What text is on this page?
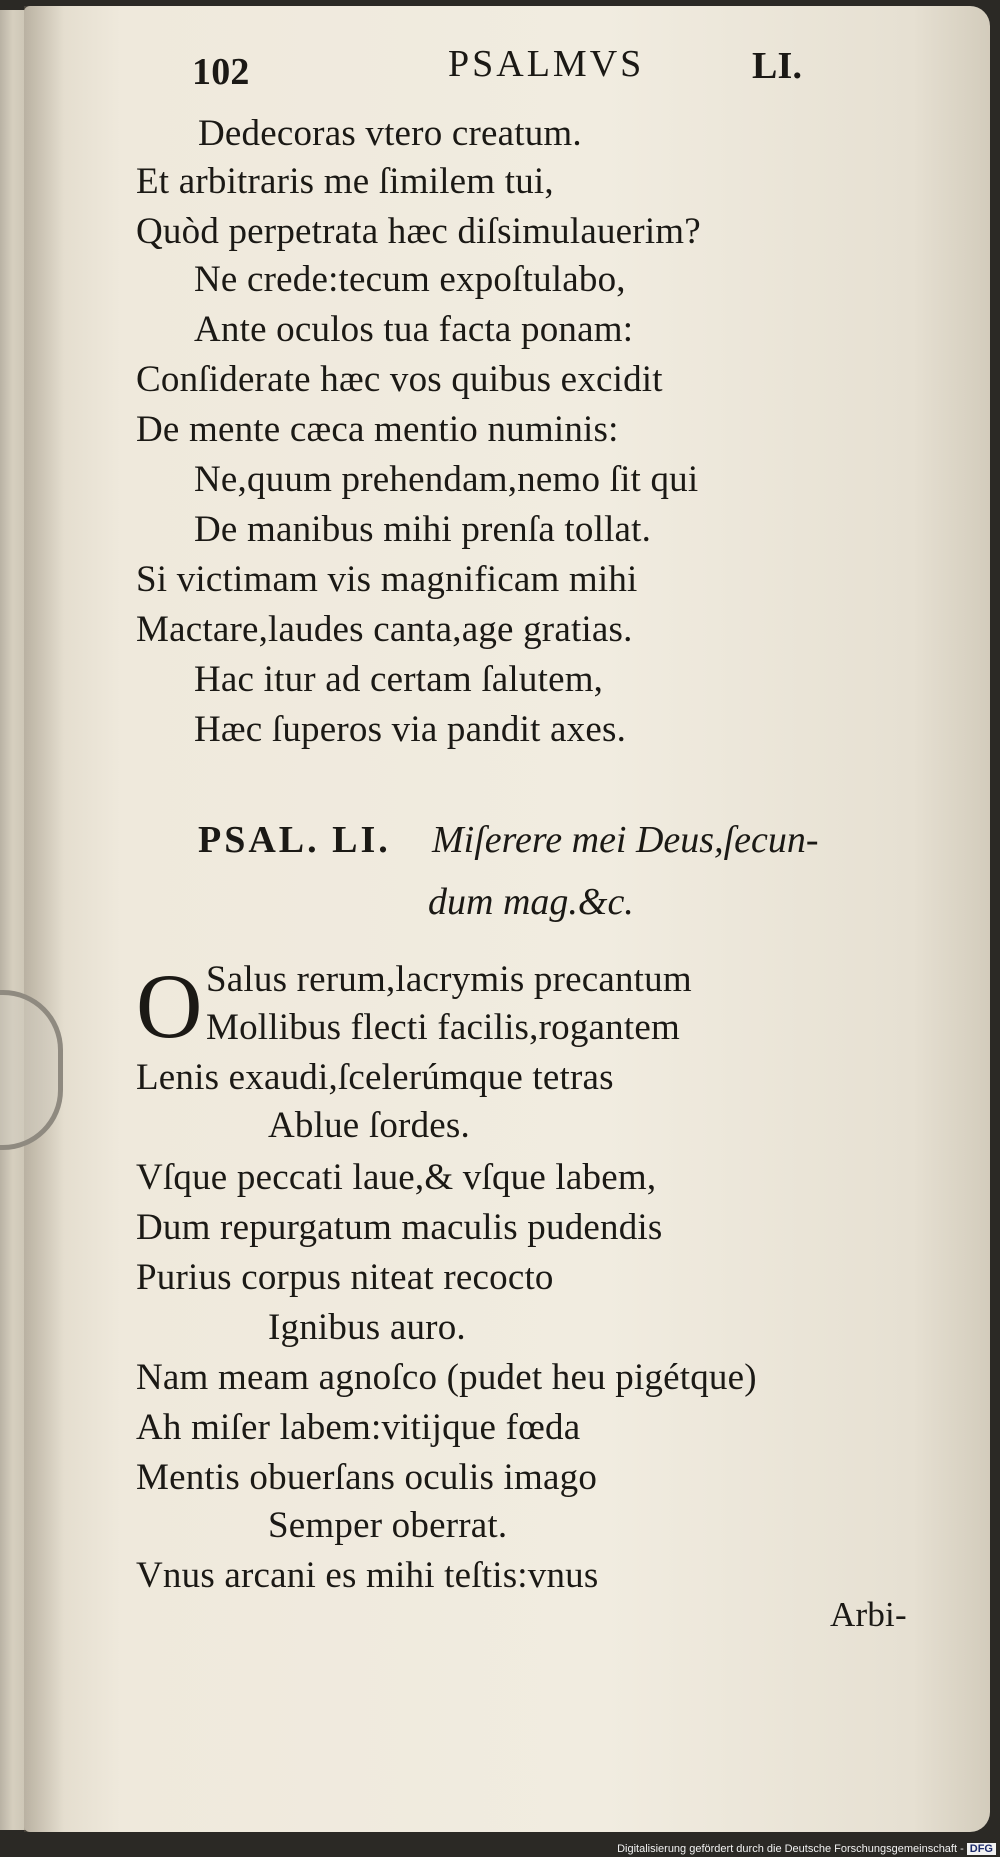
102	PSALMVS	LI.
Dedecoras vtero creatum.
Et arbitraris me ſimilem tui,
Quòd perpetrata hæc diſsimulauerim?
Ne crede:tecum expoſtulabo,
Ante oculos tua facta ponam:
Conſiderate hæc vos quibus excidit
De mente cæca mentio numinis:
Ne,quum prehendam,nemo ſit qui
De manibus mihi prenſa tollat.
Si victimam vis magnificam mihi
Mactare,laudes canta,age gratias.
Hac itur ad certam ſalutem,
Hæc ſuperos via pandit axes.
PSAL. LI. Miſerere mei Deus,ſecun-
dum mag.&c.
O Salus rerum,lacrymis precantum
Mollibus flecti facilis,rogantem
Lenis exaudi,ſcelerúmque tetras
Ablue ſordes.
Vſque peccati laue,& vſque labem,
Dum repurgatum maculis pudendis
Purius corpus niteat recocto
Ignibus auro.
Nam meam agnoſco (pudet heu pigétque)
Ah miſer labem:vitijque fœda
Mentis obuerſans oculis imago
Semper oberrat.
Vnus arcani es mihi teſtis:vnus
Arbi-
Digitalisierung gefördert durch die Deutsche Forschungsgemeinschaft - DFG
